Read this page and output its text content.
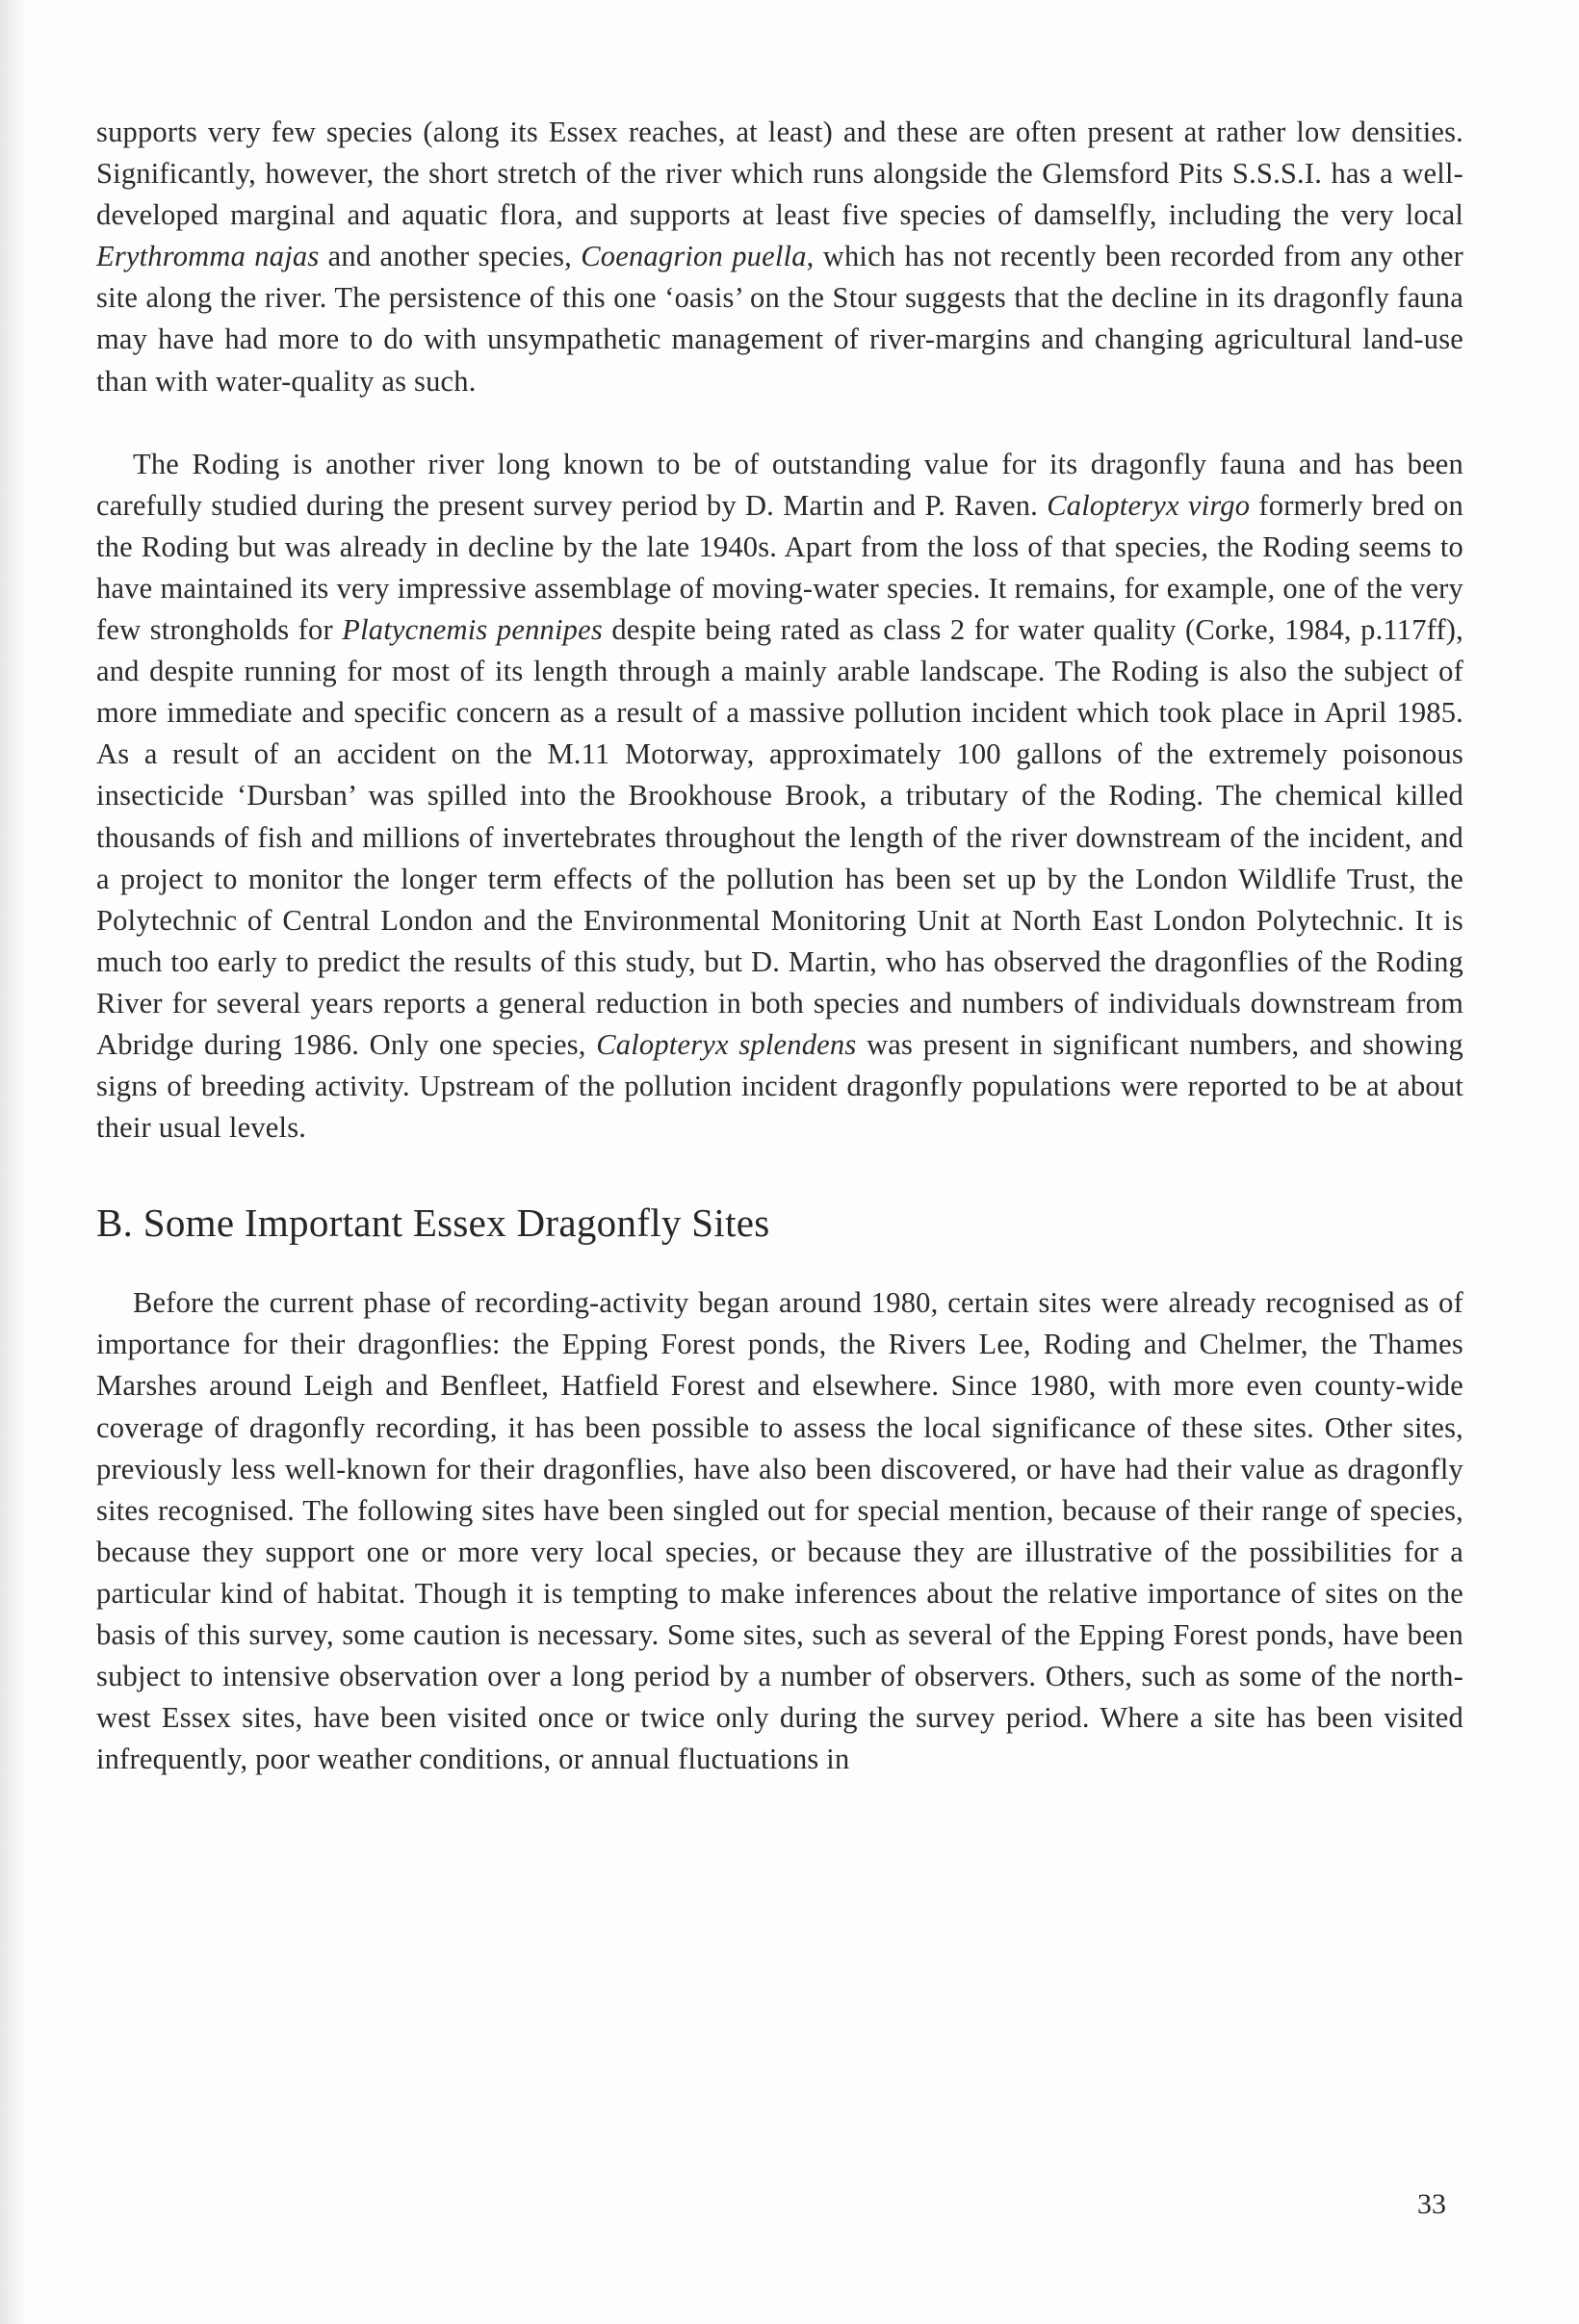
supports very few species (along its Essex reaches, at least) and these are often present at rather low densities. Significantly, however, the short stretch of the river which runs alongside the Glemsford Pits S.S.S.I. has a well-developed marginal and aquatic flora, and supports at least five species of damselfly, including the very local Erythromma najas and another species, Coenagrion puella, which has not recently been recorded from any other site along the river. The persistence of this one ‘oasis’ on the Stour suggests that the decline in its dragonfly fauna may have had more to do with unsympathetic management of river-margins and changing agricultural land-use than with water-quality as such.

The Roding is another river long known to be of outstanding value for its dragonfly fauna and has been carefully studied during the present survey period by D. Martin and P. Raven. Calopteryx virgo formerly bred on the Roding but was already in decline by the late 1940s. Apart from the loss of that species, the Roding seems to have maintained its very impressive assemblage of moving-water species. It remains, for example, one of the very few strongholds for Platycnemis pennipes despite being rated as class 2 for water quality (Corke, 1984, p.117ff), and despite running for most of its length through a mainly arable landscape. The Roding is also the subject of more immediate and specific concern as a result of a massive pollution incident which took place in April 1985. As a result of an accident on the M.11 Motorway, approximately 100 gallons of the extremely poisonous insecticide ‘Dursban’ was spilled into the Brookhouse Brook, a tributary of the Roding. The chemical killed thousands of fish and millions of invertebrates throughout the length of the river downstream of the incident, and a project to monitor the longer term effects of the pollution has been set up by the London Wildlife Trust, the Polytechnic of Central London and the Environmental Monitoring Unit at North East London Polytechnic. It is much too early to predict the results of this study, but D. Martin, who has observed the dragonflies of the Roding River for several years reports a general reduction in both species and numbers of individuals downstream from Abridge during 1986. Only one species, Calopteryx splendens was present in significant numbers, and showing signs of breeding activity. Upstream of the pollution incident dragonfly populations were reported to be at about their usual levels.

B. Some Important Essex Dragonfly Sites

Before the current phase of recording-activity began around 1980, certain sites were already recognised as of importance for their dragonflies: the Epping Forest ponds, the Rivers Lee, Roding and Chelmer, the Thames Marshes around Leigh and Benfleet, Hatfield Forest and elsewhere. Since 1980, with more even county-wide coverage of dragonfly recording, it has been possible to assess the local significance of these sites. Other sites, previously less well-known for their dragonflies, have also been discovered, or have had their value as dragonfly sites recognised. The following sites have been singled out for special mention, because of their range of species, because they support one or more very local species, or because they are illustrative of the possibilities for a particular kind of habitat. Though it is tempting to make inferences about the relative importance of sites on the basis of this survey, some caution is necessary. Some sites, such as several of the Epping Forest ponds, have been subject to intensive observation over a long period by a number of observers. Others, such as some of the north-west Essex sites, have been visited once or twice only during the survey period. Where a site has been visited infrequently, poor weather conditions, or annual fluctuations in

33
